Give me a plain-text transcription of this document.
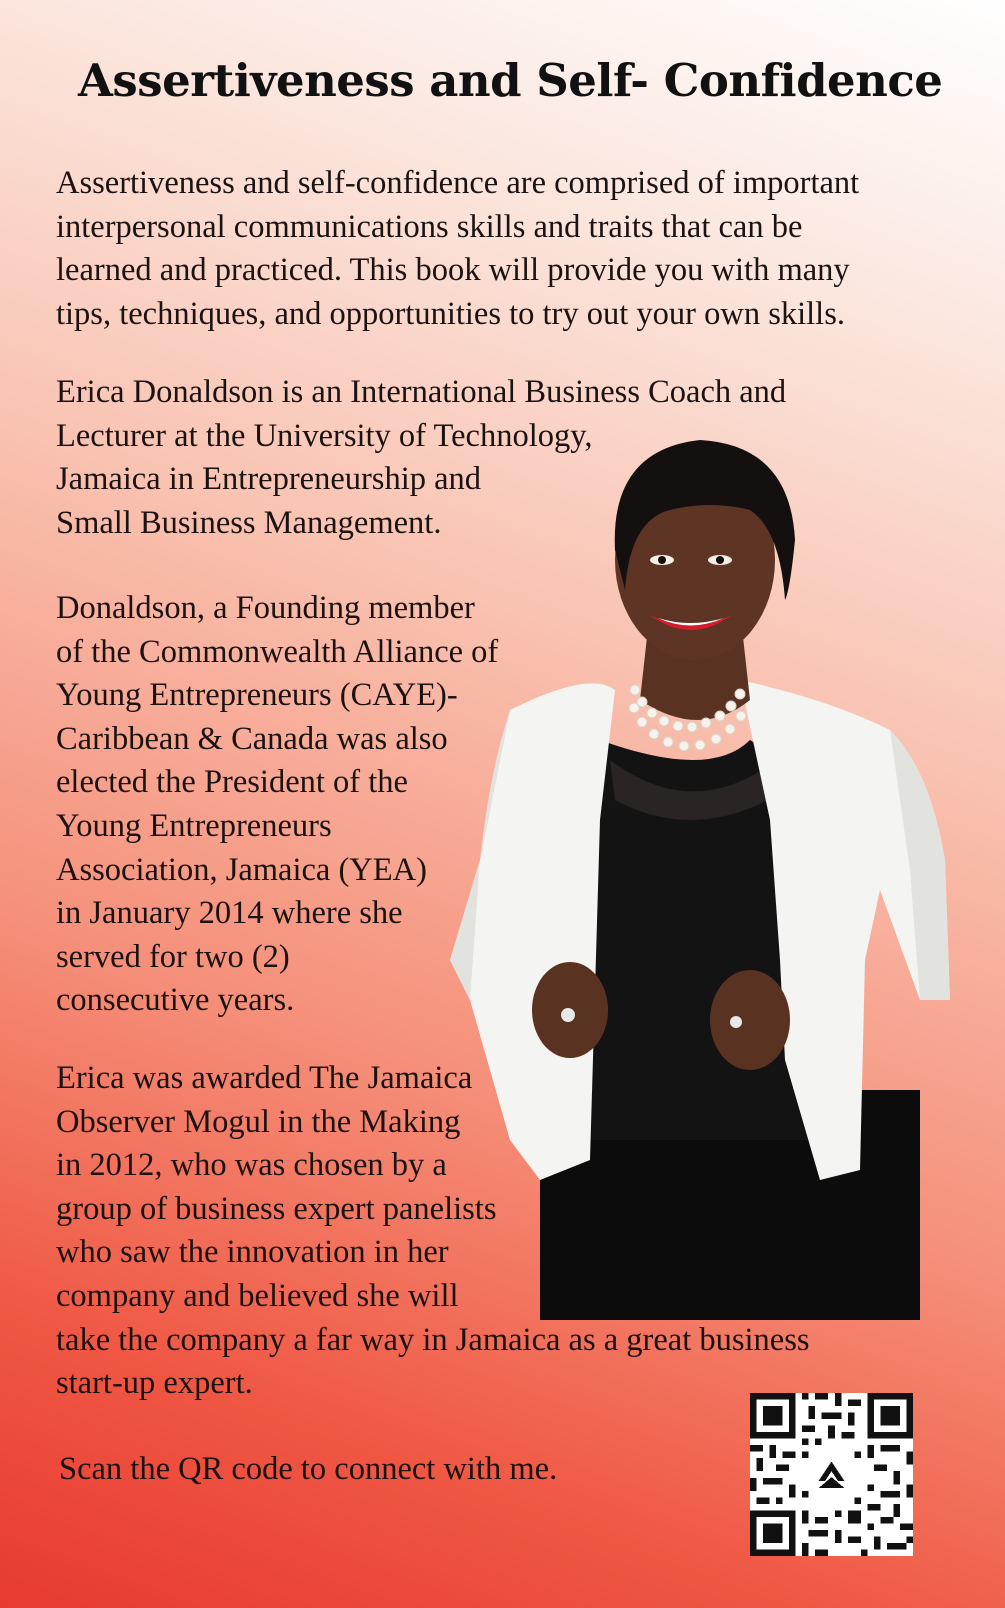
Assertiveness and Self- Confidence

Assertiveness and self-confidence are comprised of important
interpersonal communications skills and traits that can be
learned and practiced. This book will provide you with many
tips, techniques, and opportunities to try out your own skills.

Erica Donaldson is an International Business Coach and
Lecturer at the University of Technology,
Jamaica in Entrepreneurship and
Small Business Management.

Donaldson, a Founding member
of the Commonwealth Alliance of
Young Entrepreneurs (CAYE)-
Caribbean & Canada was also
elected the President of the
Young Entrepreneurs
Association, Jamaica (YEA)
in January 2014 where she
served for two (2)
consecutive years.

Erica was awarded The Jamaica
Observer Mogul in the Making
in 2012, who was chosen by a
group of business expert panelists
who saw the innovation in her
company and believed she will
take the company a far way in Jamaica as a great business
start-up expert.

Scan the QR code to connect with me.
